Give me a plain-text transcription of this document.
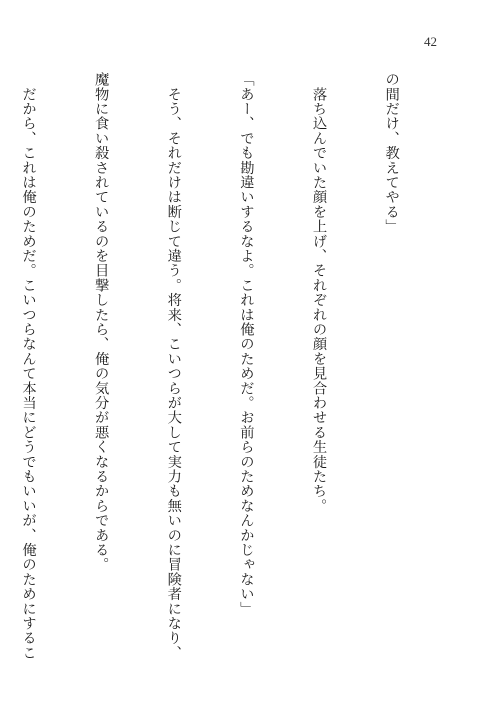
42

の間だけ、教えてやる」

　落ち込んでいた顔を上げ、それぞれの顔を見合わせる生徒たち。

「あー、でも勘違いするなよ。これは俺のためだ。お前らのためなんかじゃない」

　そう、それだけは断じて違う。将来、こいつらが大して実力も無いのに冒険者になり、

魔物に食い殺されているのを目撃したら、俺の気分が悪くなるからである。

　だから、これは俺のためだ。こいつらなんて本当にどうでもいいが、俺のためにするこ
